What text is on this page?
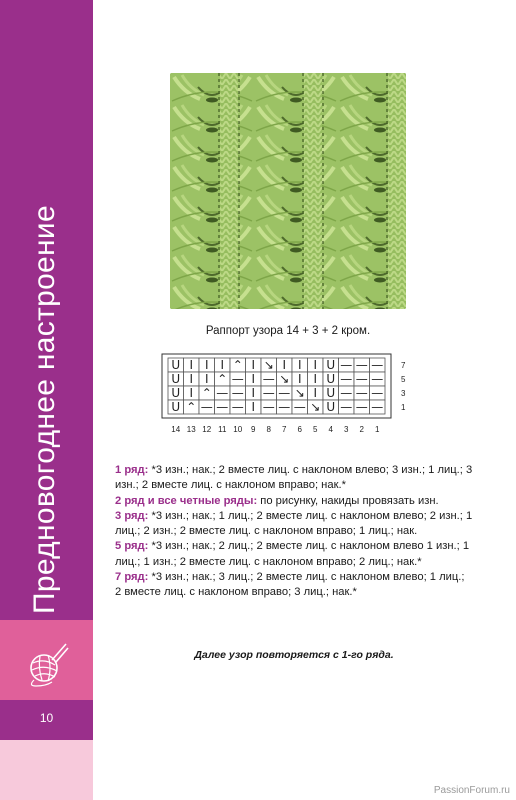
Предновогоднее настроение
10
Раппорт узора 14 + 3 + 2 кром.
U I I I ⌃ I ↘ I I I U — — — 7
U I I ⌃ — I — ↘ I I U — — — 5
U I ⌃ — — I — — ↘ I U — — — 3
U ⌃ — — — I — — — ↘ U — — — 1
14 13 12 11 10 9 8 7 6 5 4 3 2 1

1 ряд: *3 изн.; нак.; 2 вместе лиц. с наклоном влево; 3 изн.; 1 лиц.; 3 изн.; 2 вместе лиц. с наклоном вправо; нак.*

2 ряд и все четные ряды: по рисунку, накиды провязать изн.

3 ряд: *3 изн.; нак.; 1 лиц.; 2 вместе лиц. с наклоном влево; 2 изн.; 1 лиц.; 2 изн.; 2 вместе лиц. с наклоном вправо; 1 лиц.; нак.

5 ряд: *3 изн.; нак.; 2 лиц.; 2 вместе лиц. с наклоном влево 1 изн.; 1 лиц.; 1 изн.; 2 вместе лиц. с наклоном вправо; 2 лиц.; нак.*

7 ряд: *3 изн.; нак.; 3 лиц.; 2 вместе лиц. с наклоном влево; 1 лиц.; 2 вместе лиц. с наклоном вправо; 3 лиц.; нак.*

Далее узор повторяется с 1-го ряда.
PassionForum.ru
